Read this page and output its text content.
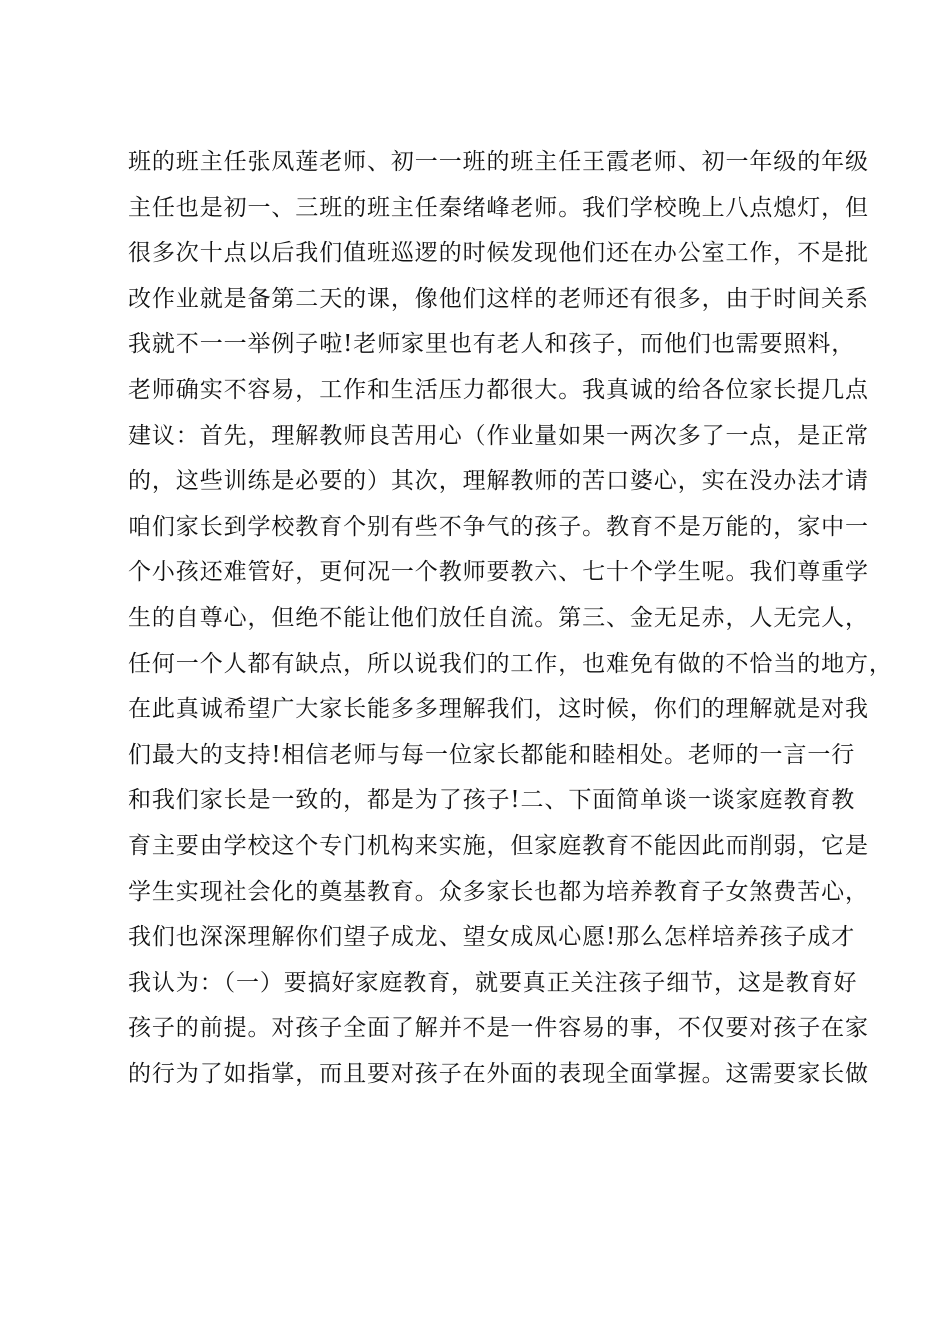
班的班主任张凤莲老师、初一一班的班主任王霞老师、初一年级的年级
主任也是初一、三班的班主任秦绪峰老师。我们学校晚上八点熄灯，但
很多次十点以后我们值班巡逻的时候发现他们还在办公室工作，不是批
改作业就是备第二天的课，像他们这样的老师还有很多，由于时间关系
我就不一一举例子啦!老师家里也有老人和孩子，而他们也需要照料，
老师确实不容易，工作和生活压力都很大。我真诚的给各位家长提几点
建议：首先，理解教师良苦用心（作业量如果一两次多了一点，是正常
的，这些训练是必要的）其次，理解教师的苦口婆心，实在没办法才请
咱们家长到学校教育个别有些不争气的孩子。教育不是万能的，家中一
个小孩还难管好，更何况一个教师要教六、七十个学生呢。我们尊重学
生的自尊心，但绝不能让他们放任自流。第三、金无足赤，人无完人，
任何一个人都有缺点，所以说我们的工作，也难免有做的不恰当的地方，
在此真诚希望广大家长能多多理解我们，这时候，你们的理解就是对我
们最大的支持!相信老师与每一位家长都能和睦相处。老师的一言一行
和我们家长是一致的，都是为了孩子!二、下面简单谈一谈家庭教育教
育主要由学校这个专门机构来实施，但家庭教育不能因此而削弱，它是
学生实现社会化的奠基教育。众多家长也都为培养教育子女煞费苦心，
我们也深深理解你们望子成龙、望女成凤心愿!那么怎样培养孩子成才
我认为：（一）要搞好家庭教育，就要真正关注孩子细节，这是教育好
孩子的前提。对孩子全面了解并不是一件容易的事，不仅要对孩子在家
的行为了如指掌，而且要对孩子在外面的表现全面掌握。这需要家长做
